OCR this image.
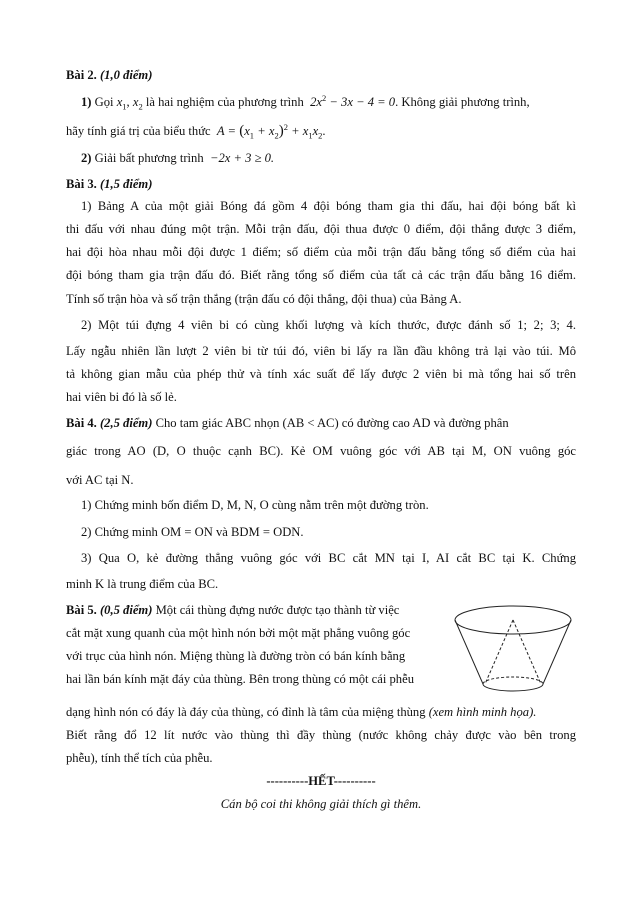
Bài 2. (1,0 điểm)
1) Gọi $x_1$, $x_2$ là hai nghiệm của phương trình  $2x^2 - 3x - 4 = 0$. Không giải phương trình,
hãy tính giá trị của biểu thức  $A = (x_1 + x_2)^2 + x_1x_2$.
2) Giải bất phương trình  −2x + 3 ≥ 0.
Bài 3. (1,5 điểm)
1) Bảng A của một giải Bóng đá gồm 4 đội bóng tham gia thi đấu, hai đội bóng bất kì
thi đấu với nhau đúng một trận. Mỗi trận đấu, đội thua được 0 điểm, đội thắng được 3 điểm,
hai đội hòa nhau mỗi đội được 1 điểm; số điểm của mỗi trận đấu bằng tổng số điểm của hai
đội bóng tham gia trận đấu đó. Biết rằng tổng số điểm của tất cả các trận đấu bằng 16 điểm.
Tính số trận hòa và số trận thắng (trận đấu có đội thắng, đội thua) của Bảng A.
2) Một túi đựng 4 viên bi có cùng khối lượng và kích thước, được đánh số 1; 2; 3; 4.
Lấy ngẫu nhiên lần lượt 2 viên bi từ túi đó, viên bi lấy ra lần đầu không trả lại vào túi. Mô
tả không gian mẫu của phép thử và tính xác suất để lấy được 2 viên bi mà tổng hai số trên
hai viên bi đó là số lẻ.
Bài 4. (2,5 điểm) Cho tam giác ABC nhọn (AB < AC) có đường cao AD và đường phân
giác trong AO (D, O thuộc cạnh BC). Kẻ OM vuông góc với AB tại M, ON vuông góc
với AC tại N.
1) Chứng minh bốn điểm D, M, N, O cùng nằm trên một đường tròn.
2) Chứng minh OM = ON và BDM = ODN.
3) Qua O, kẻ đường thẳng vuông góc với BC cắt MN tại I, AI cắt BC tại K. Chứng
minh K là trung điểm của BC.
Bài 5. (0,5 điểm) Một cái thùng đựng nước được tạo thành từ việc
cắt mặt xung quanh của một hình nón bởi một mặt phẳng vuông góc
với trục của hình nón. Miệng thùng là đường tròn có bán kính bằng
hai lần bán kính mặt đáy của thùng. Bên trong thùng có một cái phễu
dạng hình nón có đáy là đáy của thùng, có đỉnh là tâm của miệng thùng (xem hình minh họa).
Biết rằng đổ 12 lít nước vào thùng thì đầy thùng (nước không chảy được vào bên trong
phễu), tính thể tích của phễu.
----------HẾT----------
Cán bộ coi thi không giải thích gì thêm.
